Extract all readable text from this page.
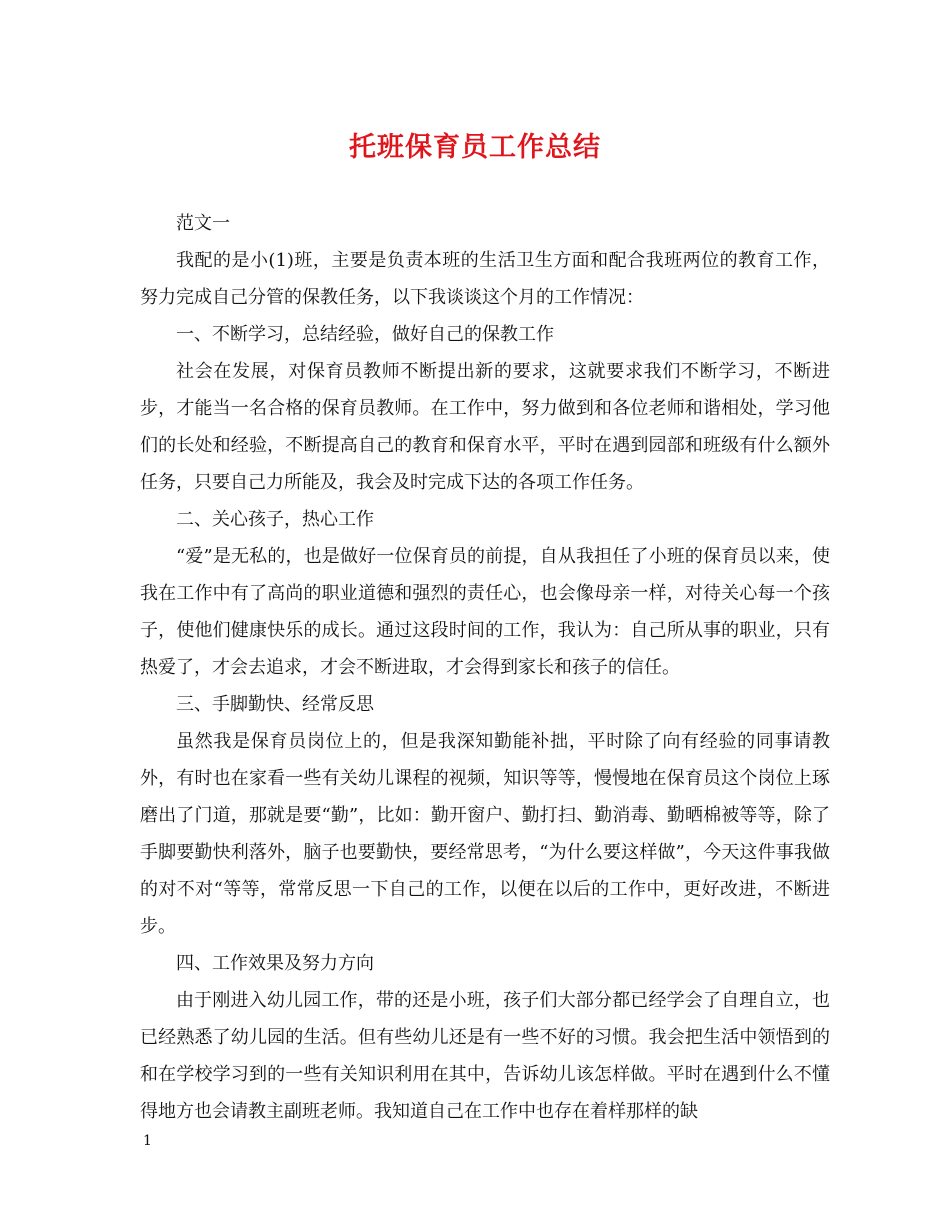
托班保育员工作总结

范文一

我配的是小(1)班，主要是负责本班的生活卫生方面和配合我班两位的教育工作，努力完成自己分管的保教任务，以下我谈谈这个月的工作情况：

一、不断学习，总结经验，做好自己的保教工作

社会在发展，对保育员教师不断提出新的要求，这就要求我们不断学习，不断进步，才能当一名合格的保育员教师。在工作中，努力做到和各位老师和谐相处，学习他们的长处和经验，不断提高自己的教育和保育水平，平时在遇到园部和班级有什么额外任务，只要自己力所能及，我会及时完成下达的各项工作任务。

二、关心孩子，热心工作

“爱”是无私的，也是做好一位保育员的前提，自从我担任了小班的保育员以来，使我在工作中有了高尚的职业道德和强烈的责任心，也会像母亲一样，对待关心每一个孩子，使他们健康快乐的成长。通过这段时间的工作，我认为：自己所从事的职业，只有热爱了，才会去追求，才会不断进取，才会得到家长和孩子的信任。

三、手脚勤快、经常反思

虽然我是保育员岗位上的，但是我深知勤能补拙，平时除了向有经验的同事请教外，有时也在家看一些有关幼儿课程的视频，知识等等，慢慢地在保育员这个岗位上琢磨出了门道，那就是要“勤”，比如：勤开窗户、勤打扫、勤消毒、勤晒棉被等等，除了手脚要勤快利落外，脑子也要勤快，要经常思考，“为什么要这样做”，今天这件事我做的对不对“等等，常常反思一下自己的工作，以便在以后的工作中，更好改进，不断进步。

四、工作效果及努力方向

由于刚进入幼儿园工作，带的还是小班，孩子们大部分都已经学会了自理自立，也已经熟悉了幼儿园的生活。但有些幼儿还是有一些不好的习惯。我会把生活中领悟到的和在学校学习到的一些有关知识利用在其中，告诉幼儿该怎样做。平时在遇到什么不懂得地方也会请教主副班老师。我知道自己在工作中也存在着样那样的缺

1
